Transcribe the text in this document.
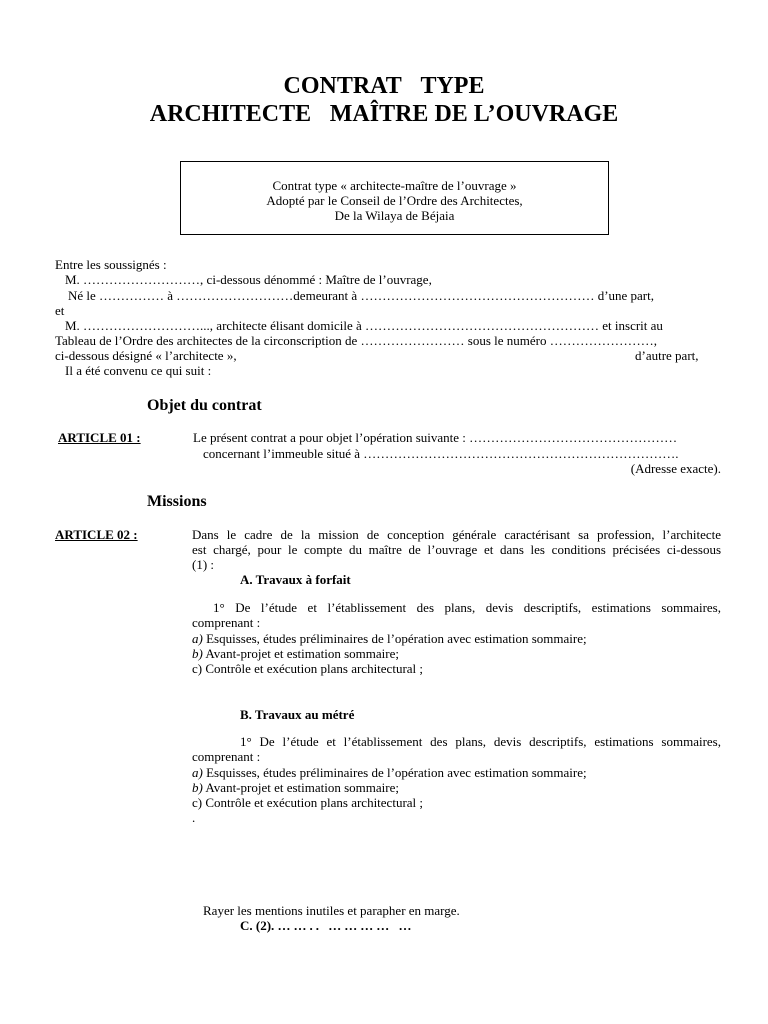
CONTRAT TYPE
ARCHITECTE MAÎTRE DE L’OUVRAGE
Contrat type « architecte-maître de l’ouvrage »
Adopté par le Conseil de l’Ordre des Architectes,
De la Wilaya de Béjaia
Entre les soussignés :
M. ………………………, ci-dessous dénommé : Maître de l’ouvrage,
Né le …………… à ………………………demeurant à ……………………………………………… d’une part,
et
M. ………………………..., architecte élisant domicile à ……………………………………………… et inscrit au
Tableau de l’Ordre des architectes de la circonscription de …………………… sous le numéro ……………………,
ci-dessous désigné « l’architecte »,	d’autre part,
Il a été convenu ce qui suit :
Objet du contrat
ARTICLE 01 :	Le présent contrat a pour objet l’opération suivante : …………………………………………
concernant l’immeuble situé à ……………………………………………………………….
(Adresse exacte).
Missions
ARTICLE 02 :	Dans le cadre de la mission de conception générale caractérisant sa profession, l’architecte
est chargé, pour le compte du maître de l’ouvrage et dans les conditions précisées ci-dessous
(1) :
A. Travaux à forfait
1° De l’étude et l’établissement des plans, devis descriptifs, estimations sommaires,
comprenant :
a) Esquisses, études préliminaires de l’opération avec estimation sommaire;
b) Avant-projet et estimation sommaire;
c) Contrôle et exécution plans architectural ;
B. Travaux au métré
1° De l’étude et l’établissement des plans, devis descriptifs, estimations sommaires,
comprenant :
a) Esquisses, études préliminaires de l’opération avec estimation sommaire;
b) Avant-projet et estimation sommaire;
c) Contrôle et exécution plans architectural ;
.
Rayer les mentions inutiles et parapher en marge.
C. (2). …….. ………… …
